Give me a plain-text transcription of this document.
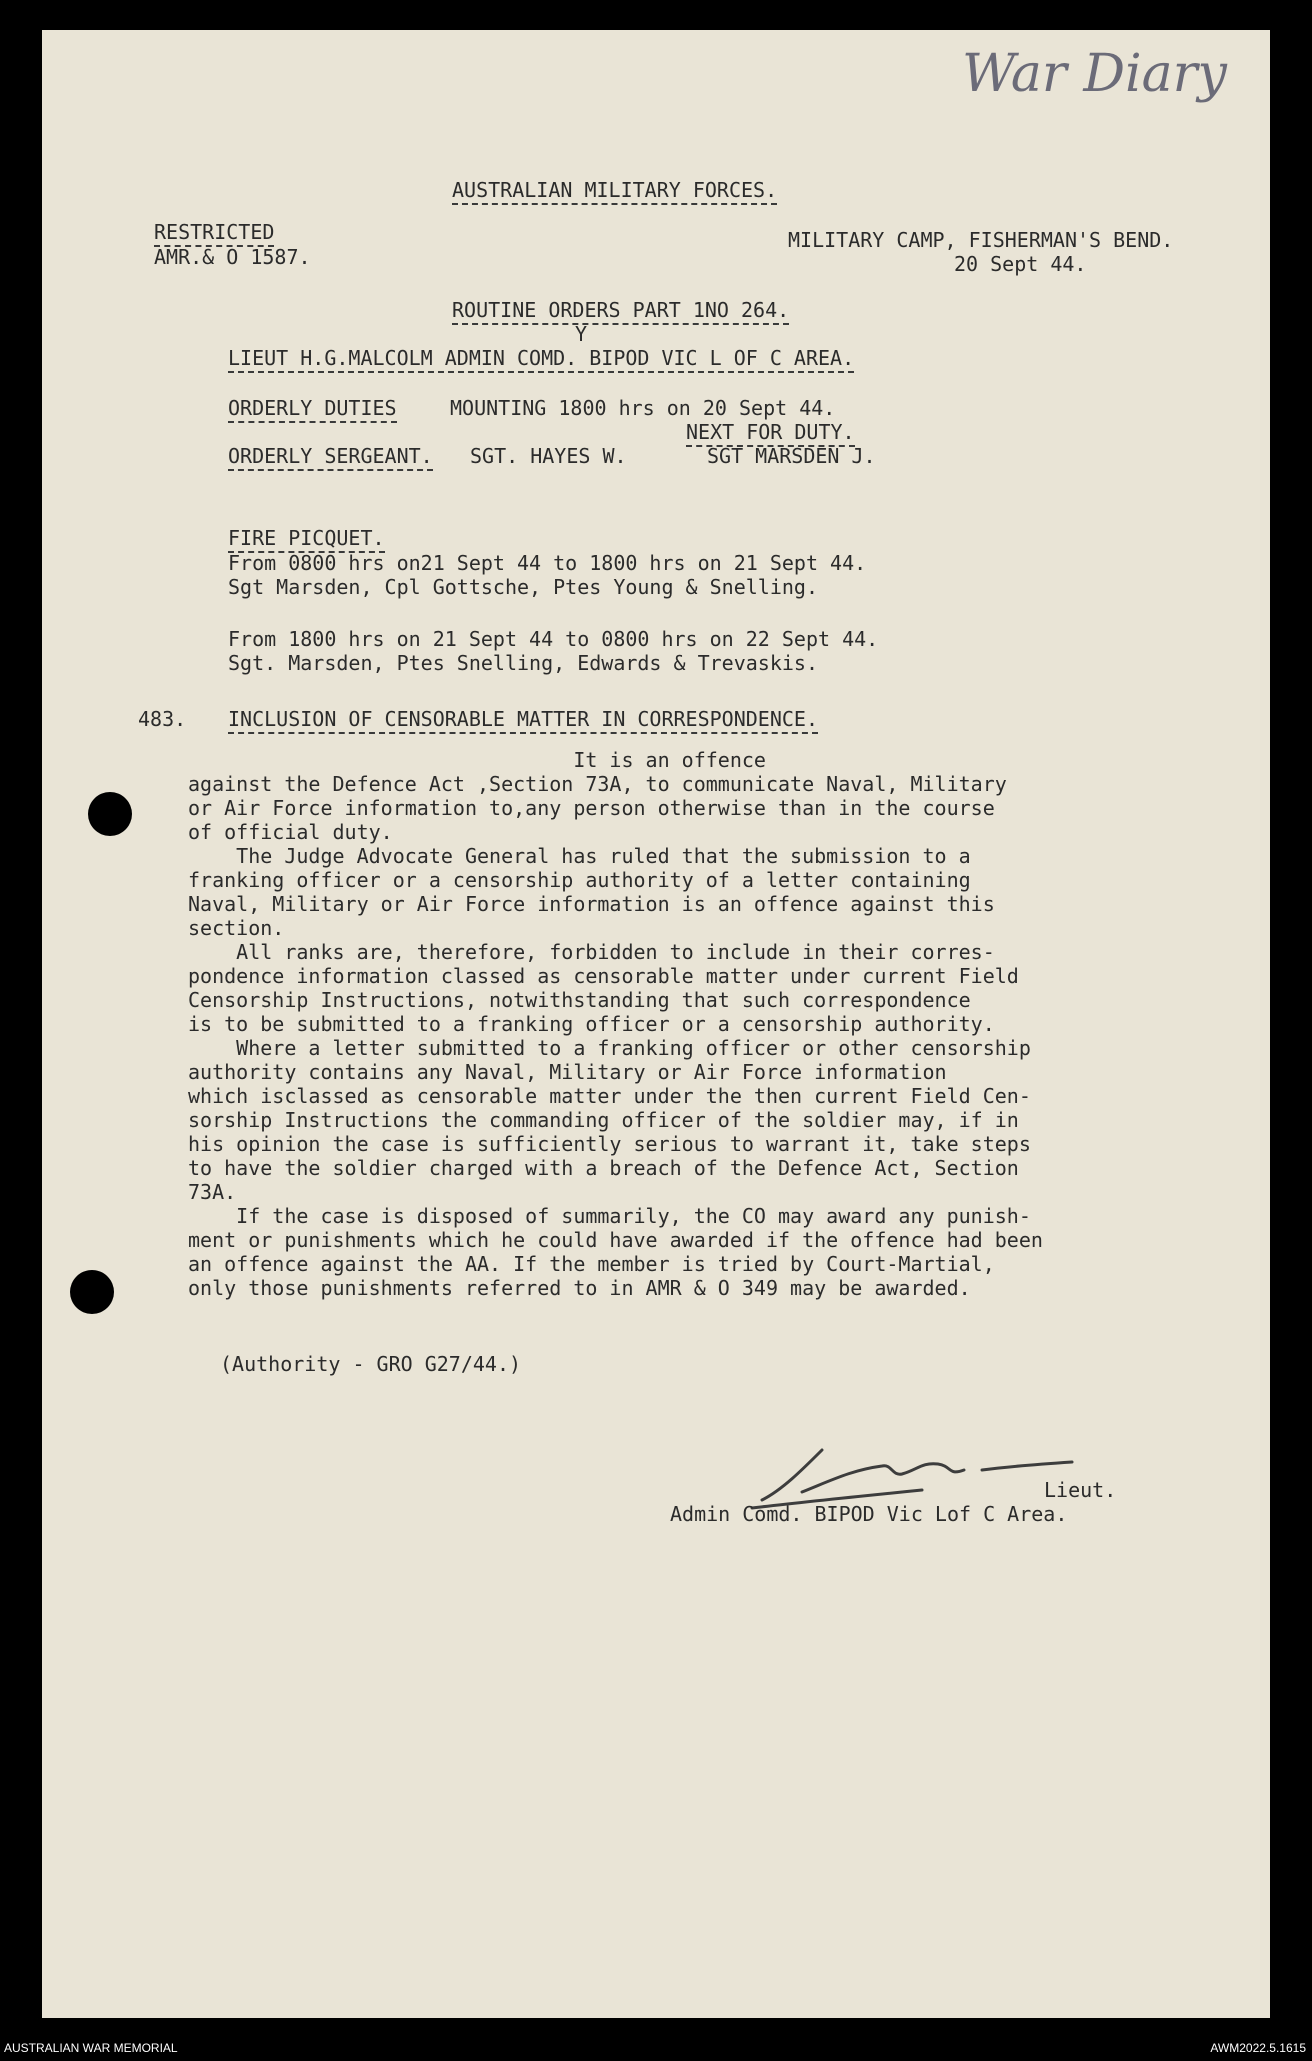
War Diary
AUSTRALIAN MILITARY FORCES.
RESTRICTED
AMR.& O 1587.
MILITARY CAMP, FISHERMAN'S BEND.
20 Sept 44.
ROUTINE ORDERS PART 1NO 264.
Y
LIEUT H.G.MALCOLM ADMIN COMD. BIPOD VIC L OF C AREA.
ORDERLY DUTIES	MOUNTING 1800 hrs on 20 Sept 44.
NEXT FOR DUTY.
ORDERLY SERGEANT. SGT. HAYES W.	SGT MARSDEN J.
FIRE PICQUET.
From 0800 hrs on21 Sept 44 to 1800 hrs on 21 Sept 44.
Sgt Marsden, Cpl Gottsche, Ptes Young & Snelling.
From 1800 hrs on 21 Sept 44 to 0800 hrs on 22 Sept 44.
Sgt. Marsden, Ptes Snelling, Edwards & Trevaskis.
483. INCLUSION OF CENSORABLE MATTER IN CORRESPONDENCE.
It is an offence
against the Defence Act ,Section 73A, to communicate Naval, Military
or Air Force information to,any person otherwise than in the course
of official duty.
The Judge Advocate General has ruled that the submission to a
franking officer or a censorship authority of a letter containing
Naval, Military or Air Force information is an offence against this
section.
All ranks are, therefore, forbidden to include in their corres-
pondence information classed as censorable matter under current Field
Censorship Instructions, notwithstanding that such correspondence
is to be submitted to a franking officer or a censorship authority.
Where a letter submitted to a franking officer or other censorship
authority contains any Naval, Military or Air Force information
which isclassed as censorable matter under the then current Field Cen-
sorship Instructions the commanding officer of the soldier may, if in
his opinion the case is sufficiently serious to warrant it, take steps
to have the soldier charged with a breach of the Defence Act, Section
73A.
If the case is disposed of summarily, the CO may award any punish-
ment or punishments which he could have awarded if the offence had been
an offence against the AA. If the member is tried by Court-Martial,
only those punishments referred to in AMR & O 349 may be awarded.
(Authority - GRO G27/44.)
Lieut.
Admin Comd. BIPOD Vic Lof C Area.
AUSTRALIAN WAR MEMORIAL	AWM2022.5.1615
